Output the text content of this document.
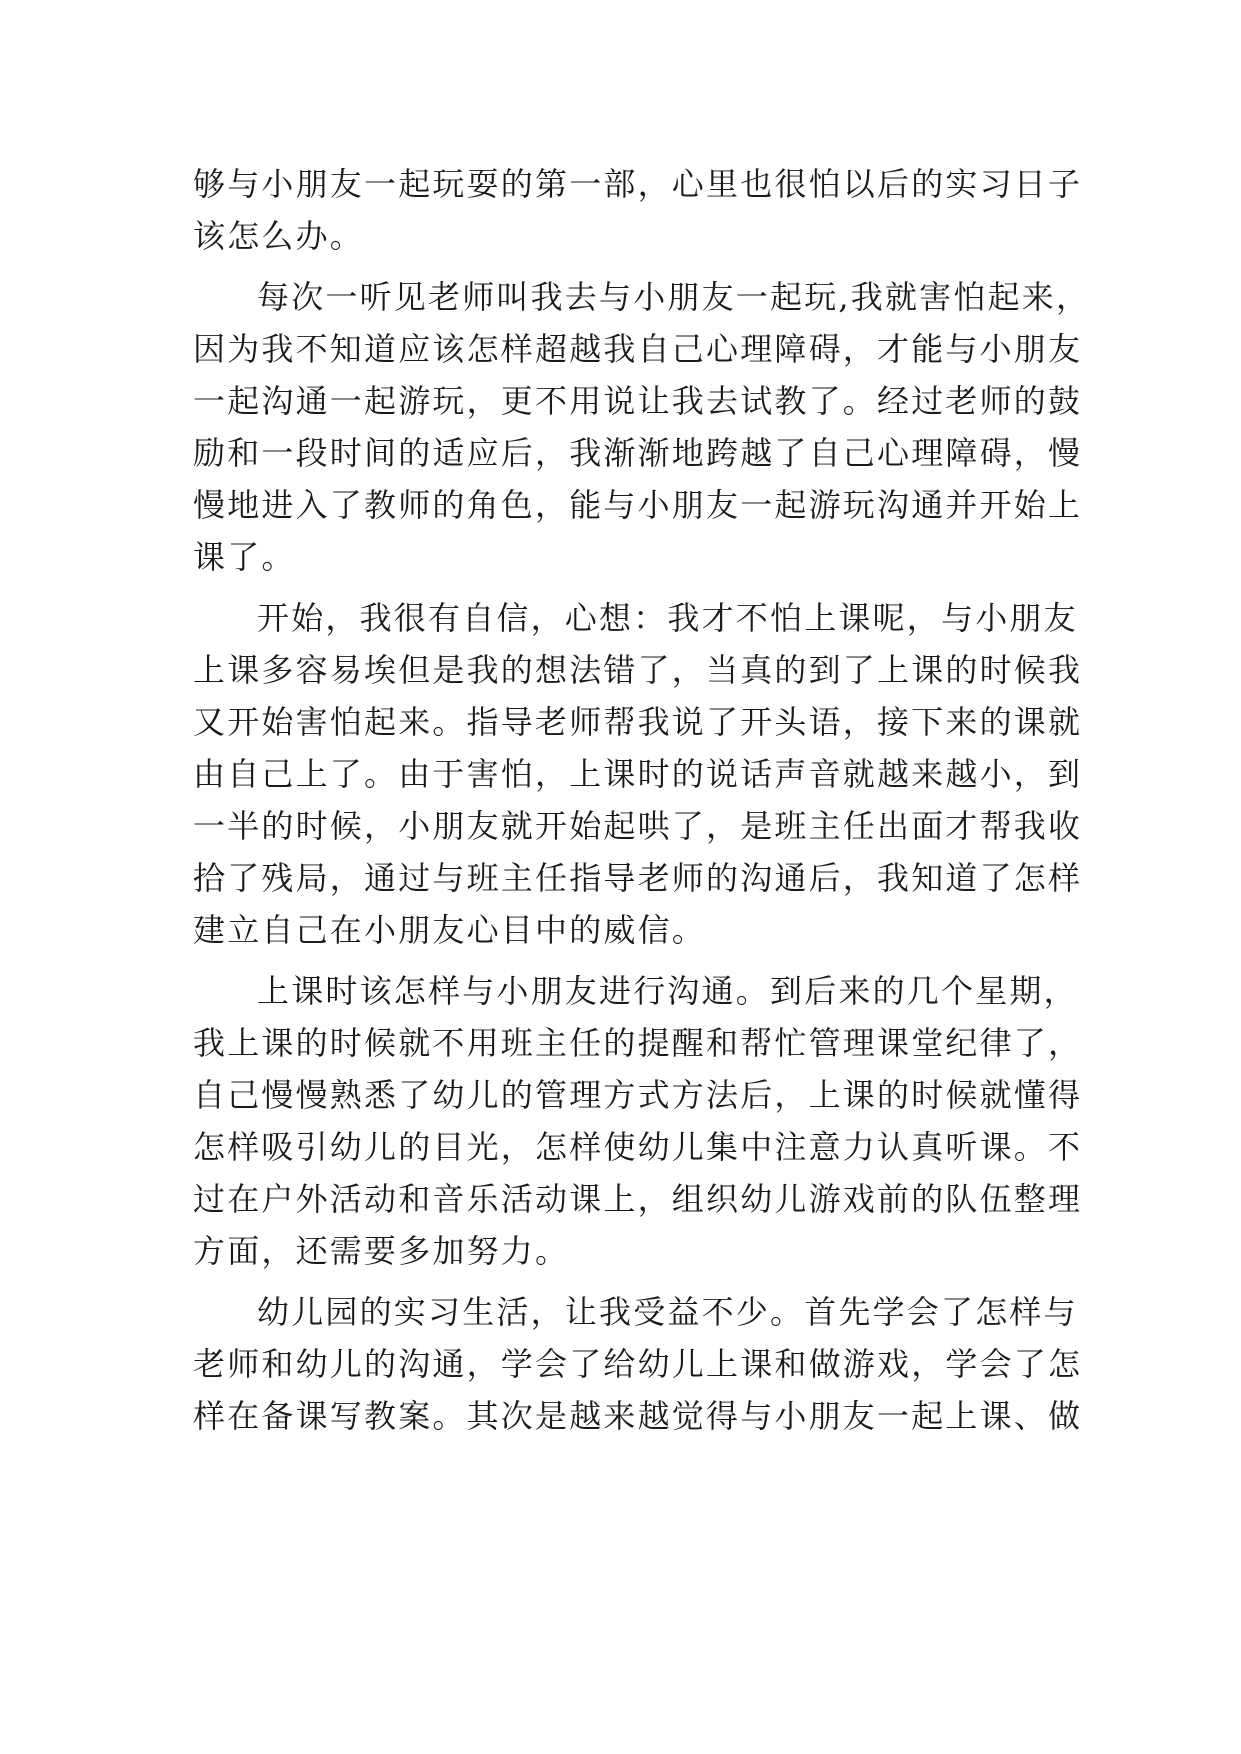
够与小朋友一起玩耍的第一部，心里也很怕以后的实习日子
该怎么办。
每次一听见老师叫我去与小朋友一起玩,我就害怕起来，
因为我不知道应该怎样超越我自己心理障碍，才能与小朋友
一起沟通一起游玩，更不用说让我去试教了。经过老师的鼓
励和一段时间的适应后，我渐渐地跨越了自己心理障碍，慢
慢地进入了教师的角色，能与小朋友一起游玩沟通并开始上
课了。
开始，我很有自信，心想：我才不怕上课呢，与小朋友
上课多容易埃但是我的想法错了，当真的到了上课的时候我
又开始害怕起来。指导老师帮我说了开头语，接下来的课就
由自己上了。由于害怕，上课时的说话声音就越来越小，到
一半的时候，小朋友就开始起哄了，是班主任出面才帮我收
拾了残局，通过与班主任指导老师的沟通后，我知道了怎样
建立自己在小朋友心目中的威信。
上课时该怎样与小朋友进行沟通。到后来的几个星期，
我上课的时候就不用班主任的提醒和帮忙管理课堂纪律了，
自己慢慢熟悉了幼儿的管理方式方法后，上课的时候就懂得
怎样吸引幼儿的目光，怎样使幼儿集中注意力认真听课。不
过在户外活动和音乐活动课上，组织幼儿游戏前的队伍整理
方面，还需要多加努力。
幼儿园的实习生活，让我受益不少。首先学会了怎样与
老师和幼儿的沟通，学会了给幼儿上课和做游戏，学会了怎
样在备课写教案。其次是越来越觉得与小朋友一起上课、做
